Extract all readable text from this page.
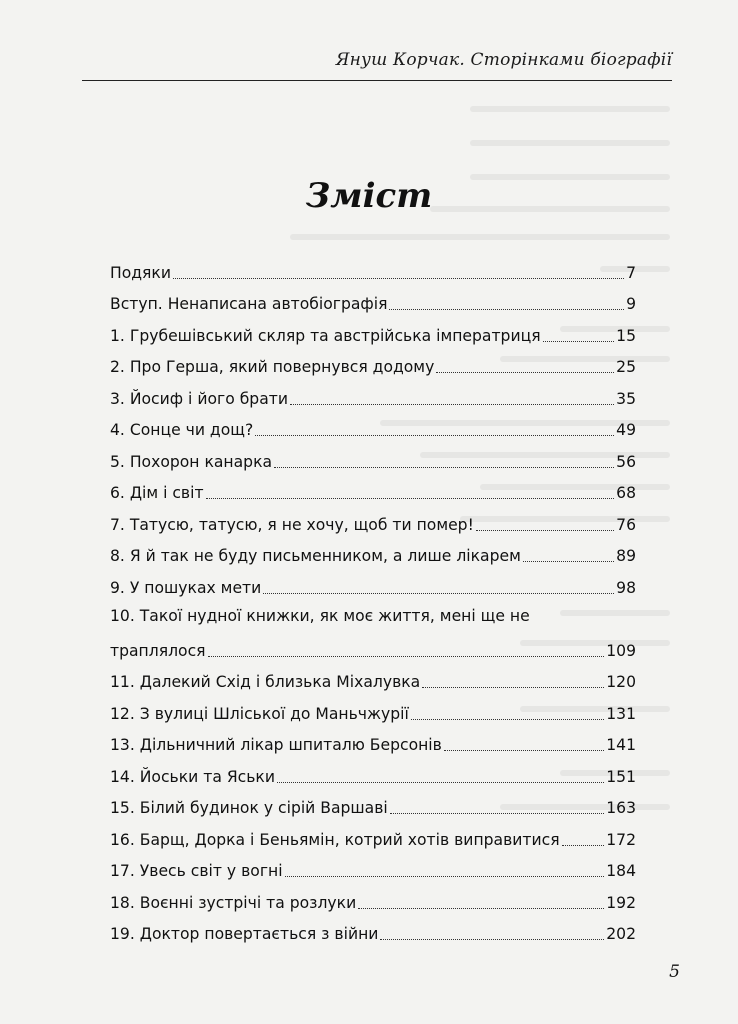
Януш Корчак. Сторінками біографії
Зміст
Подяки	7
Вступ. Ненаписана автобіографія	9
1. Грубешівський скляр та австрійська імператриця	15
2. Про Герша, який повернувся додому	25
3. Йосиф і його брати	35
4. Сонце чи дощ?	49
5. Похорон канарка	56
6. Дім і світ	68
7. Татусю, татусю, я не хочу, щоб ти помер!	76
8. Я й так не буду письменником, а лише лікарем	89
9. У пошуках мети	98
10. Такої нудної книжки, як моє життя, мені ще не
траплялося	109
11. Далекий Схід і близька Міхалувка	120
12. З вулиці Шліської до Маньчжурії	131
13. Дільничний лікар шпиталю Берсонів	141
14. Йоськи та Яськи	151
15. Білий будинок у сірій Варшаві	163
16. Барщ, Дорка і Беньямін, котрий хотів виправитися	172
17. Увесь світ у вогні	184
18. Воєнні зустрічі та розлуки	192
19. Доктор повертається з війни	202
5
